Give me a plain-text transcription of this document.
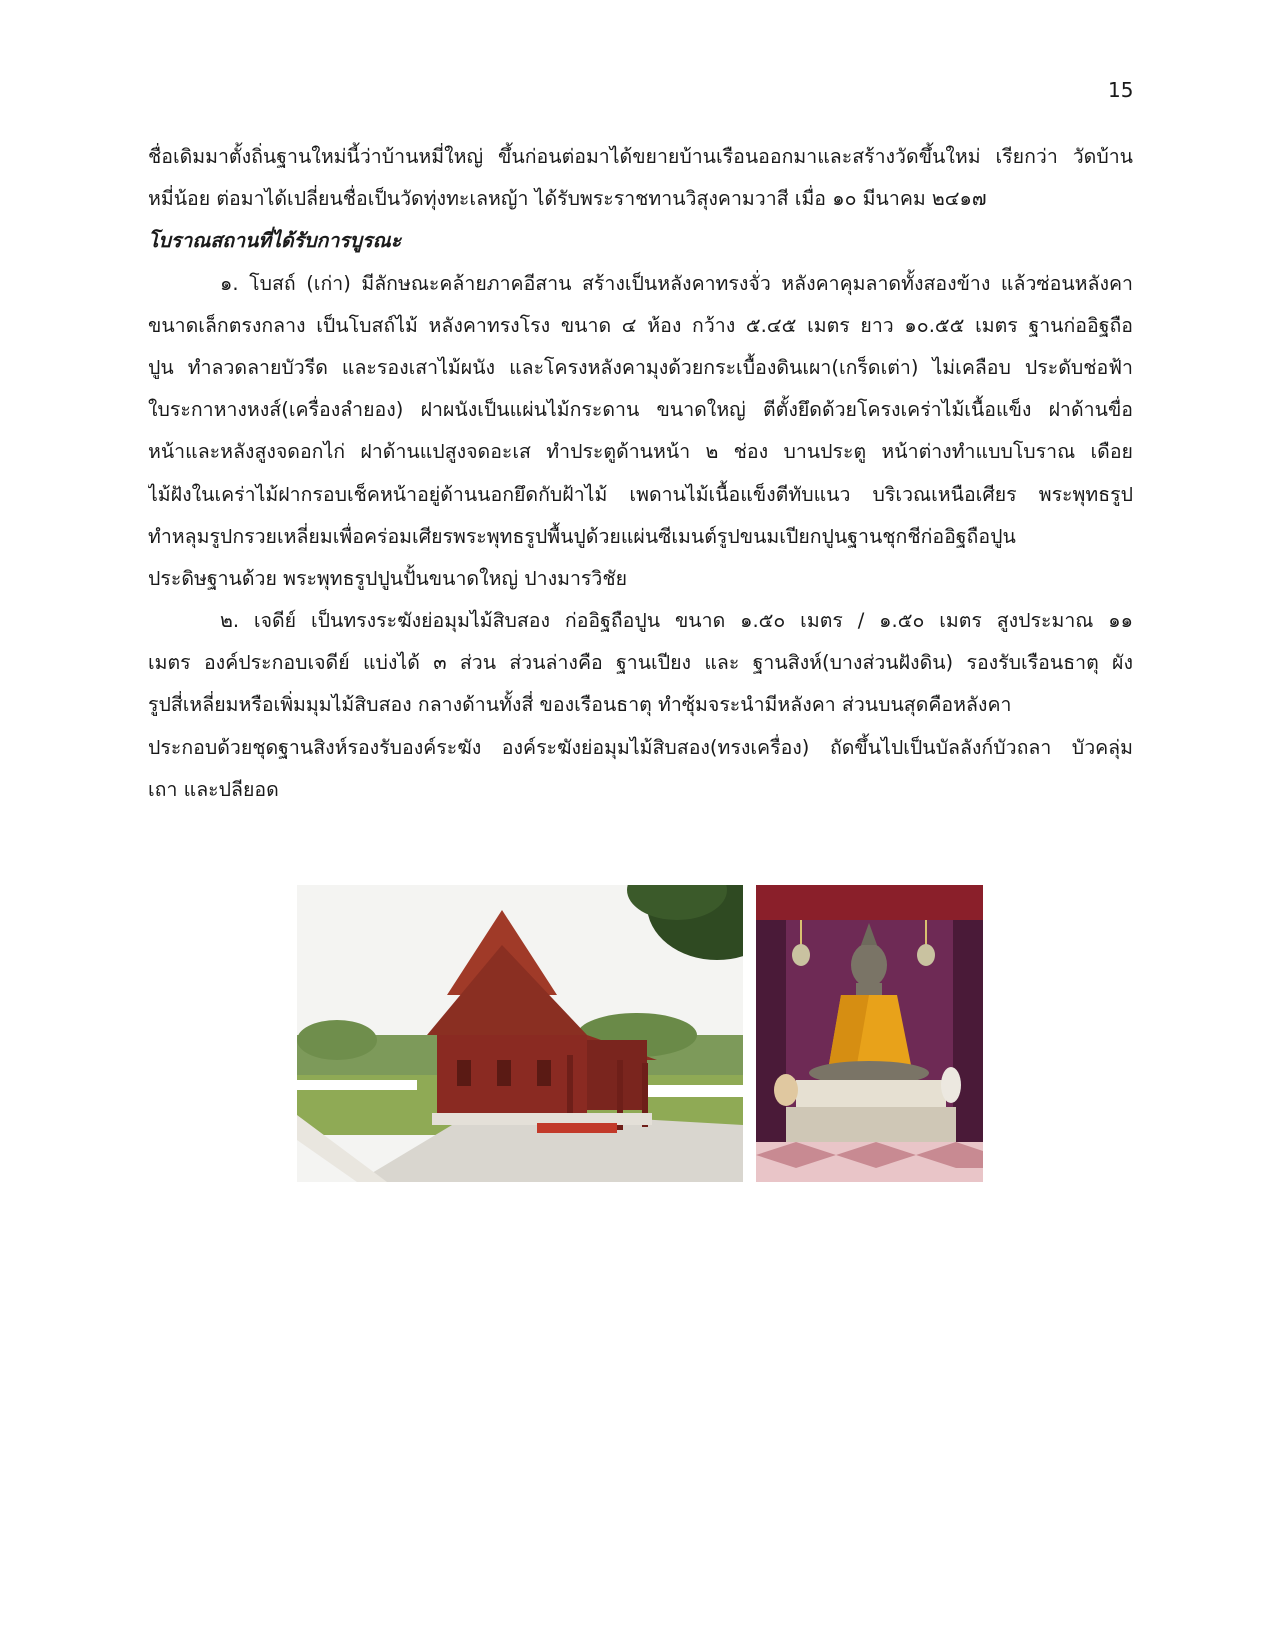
15
ชื่อเดิมมาตั้งถิ่นฐานใหม่นี้ว่าบ้านหมี่ใหญ่ ขึ้นก่อนต่อมาได้ขยายบ้านเรือนออกมาและสร้างวัดขึ้นใหม่ เรียกว่า วัดบ้าน
หมี่น้อย ต่อมาได้เปลี่ยนชื่อเป็นวัดทุ่งทะเลหญ้า ได้รับพระราชทานวิสุงคามวาสี เมื่อ ๑๐ มีนาคม ๒๔๑๗
โบราณสถานที่ได้รับการบูรณะ
๑. โบสถ์ (เก่า) มีลักษณะคล้ายภาคอีสาน สร้างเป็นหลังคาทรงจั่ว หลังคาคุมลาดทั้งสองข้าง แล้วซ่อนหลังคา
ขนาดเล็กตรงกลาง เป็นโบสถ์ไม้ หลังคาทรงโรง ขนาด ๔ ห้อง กว้าง ๕.๔๕ เมตร ยาว ๑๐.๕๕ เมตร ฐานก่ออิฐถือ
ปูน ทำลวดลายบัวรีด และรองเสาไม้ผนัง และโครงหลังคามุงด้วยกระเบื้องดินเผา(เกร็ดเต่า) ไม่เคลือบ ประดับช่อฟ้า
ใบระกาหางหงส์(เครื่องลำยอง) ฝาผนังเป็นแผ่นไม้กระดาน ขนาดใหญ่ ตีตั้งยึดด้วยโครงเคร่าไม้เนื้อแข็ง ฝาด้านขื่อ
หน้าและหลังสูงจดอกไก่ ฝาด้านแปสูงจดอะเส ทำประตูด้านหน้า ๒ ช่อง บานประตู หน้าต่างทำแบบโบราณ เดือย
ไม้ฝังในเคร่าไม้ฝากรอบเช็คหน้าอยู่ด้านนอกยึดกับฝ้าไม้ เพดานไม้เนื้อแข็งตีทับแนว บริเวณเหนือเศียร พระพุทธรูป
ทำหลุมรูปกรวยเหลี่ยมเพื่อคร่อมเศียรพระพุทธรูปพื้นปูด้วยแผ่นซีเมนต์รูปขนมเปียกปูนฐานชุกชีก่ออิฐถือปูน
ประดิษฐานด้วย พระพุทธรูปปูนปั้นขนาดใหญ่ ปางมารวิชัย
๒. เจดีย์ เป็นทรงระฆังย่อมุมไม้สิบสอง ก่ออิฐถือปูน ขนาด ๑.๕๐ เมตร / ๑.๕๐ เมตร สูงประมาณ ๑๑
เมตร องค์ประกอบเจดีย์ แบ่งได้ ๓ ส่วน ส่วนล่างคือ ฐานเปียง และ ฐานสิงห์(บางส่วนฝังดิน) รองรับเรือนธาตุ ผัง
รูปสี่เหลี่ยมหรือเพิ่มมุมไม้สิบสอง กลางด้านทั้งสี่ ของเรือนธาตุ ทำซุ้มจระนำมีหลังคา ส่วนบนสุดคือหลังคา
ประกอบด้วยชุดฐานสิงห์รองรับองค์ระฆัง องค์ระฆังย่อมุมไม้สิบสอง(ทรงเครื่อง) ถัดขึ้นไปเป็นบัลลังก์บัวถลา บัวคลุ่ม
เถา และปลียอด
